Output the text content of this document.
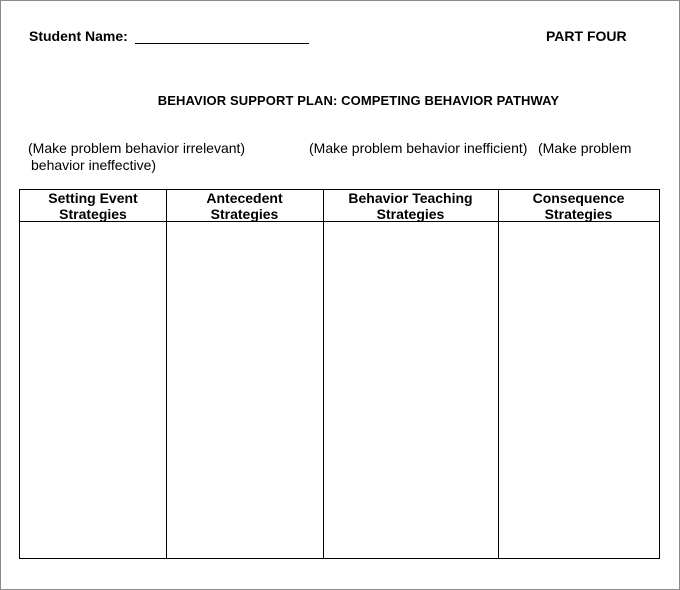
Student Name:	PART FOUR
BEHAVIOR SUPPORT PLAN: COMPETING BEHAVIOR PATHWAY
(Make problem behavior irrelevant)	(Make problem behavior inefficient) (Make problem
behavior ineffective)
Setting Event
Strategies
Antecedent
Strategies
Behavior Teaching
Strategies
Consequence
Strategies
